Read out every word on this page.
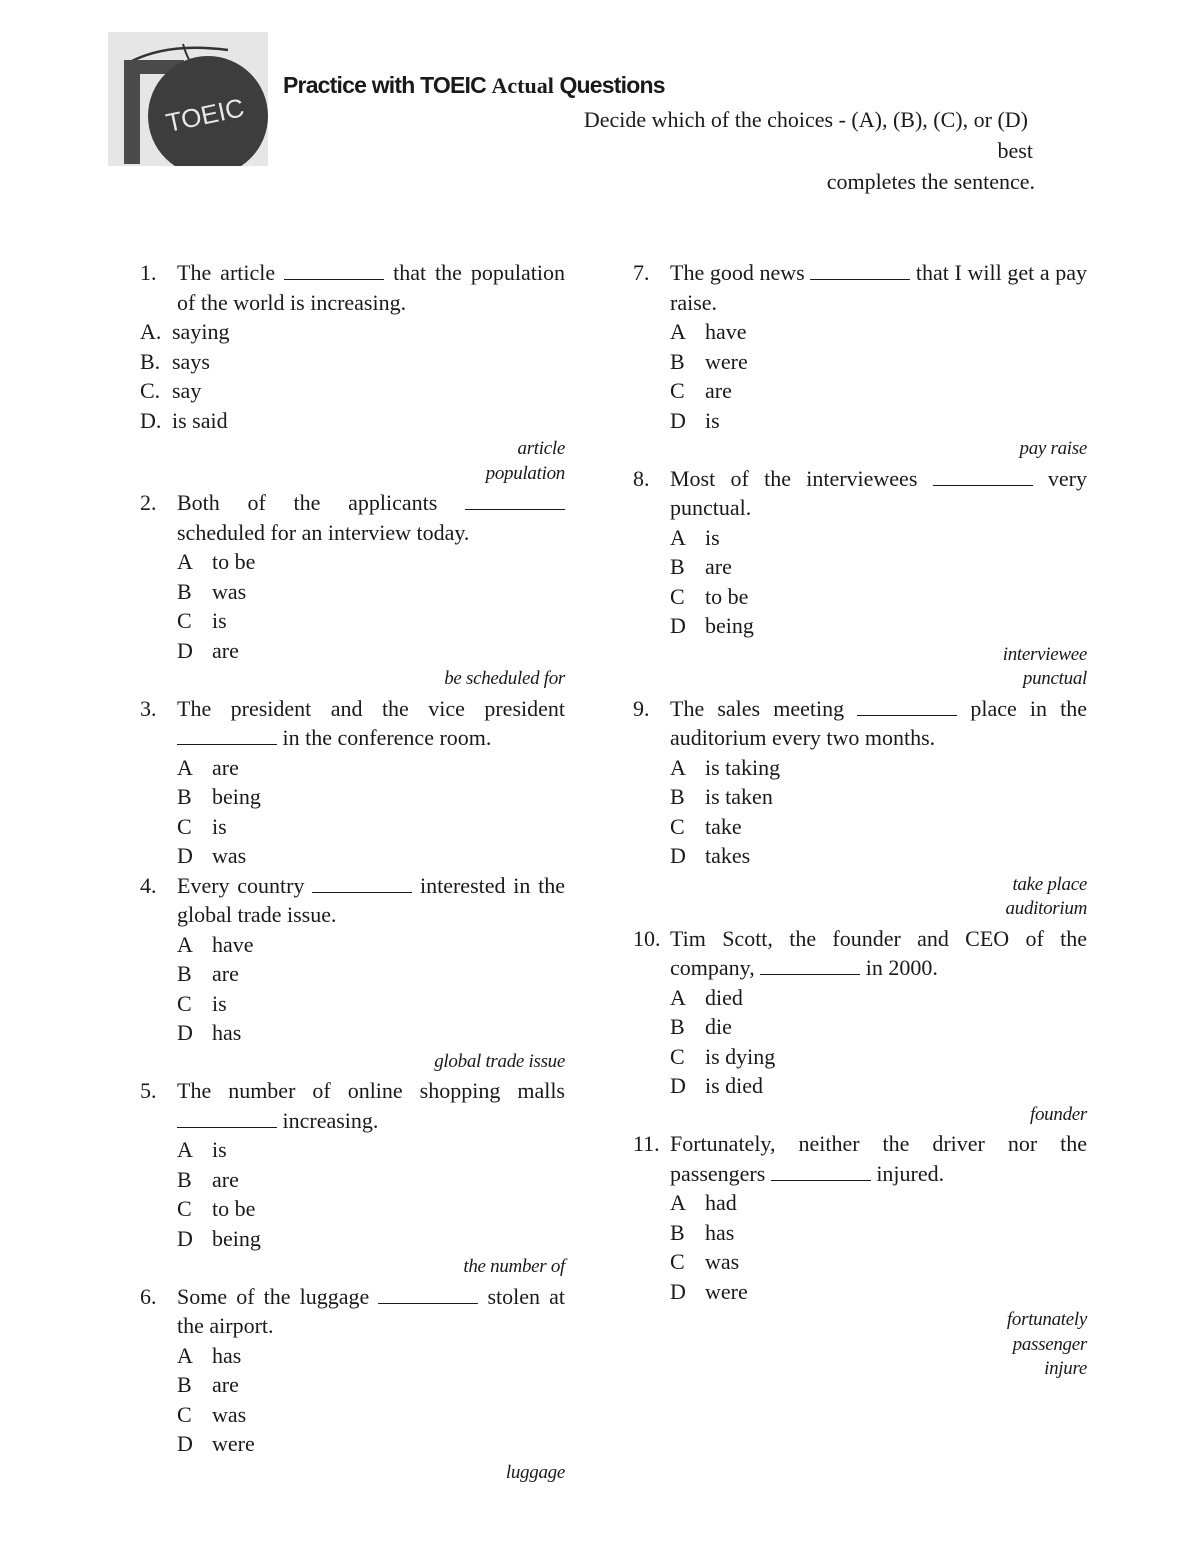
TOEIC
Practice with TOEIC Actual Questions
Decide which of the choices - (A), (B), (C), or (D)
best
completes the sentence.
1. The article	that the population of the world is increasing.
A. saying
B. says
C. say
D. is said
article
population
2. Both of the applicants  scheduled for an interview today.
A to be
B was
C is
D are
be scheduled for
3. The president and the vice president  in the conference room.
A are
B being
C is
D was
4. Every country	interested in the global trade issue.
A have
B are
C is
D has
global trade issue
5. The number of online shopping malls  increasing.
A is
B are
C to be
D being
the number of
6. Some of the luggage	stolen at the airport.
A has
B are
C was
D were
luggage
7. The good news	that I will get a pay raise.
A have
B were
C are
D is
pay raise
8. Most of the interviewees	very punctual.
A is
B are
C to be
D being
interviewee
punctual
9. The sales meeting	place in the auditorium every two months.
A is taking
B is taken
C take
D takes
take place
auditorium
10. Tim Scott, the founder and CEO of the company,	in 2000.
A died
B die
C is dying
D is died
founder
11. Fortunately, neither the driver nor the passengers	injured.
A had
B has
C was
D were
fortunately
passenger
injure
